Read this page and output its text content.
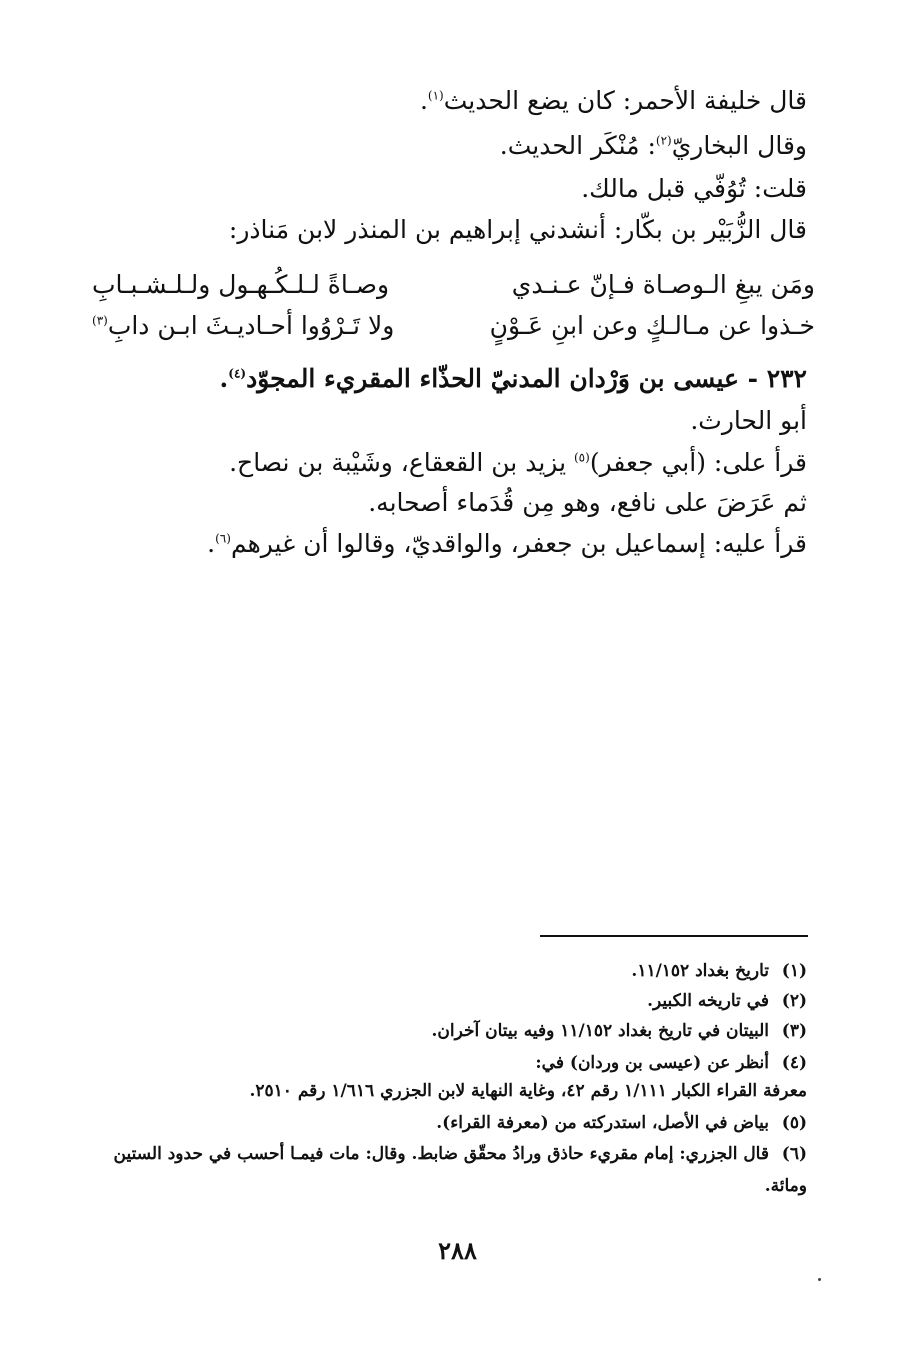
قال خليفة الأحمر: كان يضع الحديث$^{(١)}$.
وقال البخاريّ$^{(٢)}$: مُنْكَر الحديث.
قلت: تُوُفّي قبل مالك.
قال الزُّبَيْر بن بكّار: أنشدني إبراهيم بن المنذر لابن مَناذر:
ومَن يبغِ الـوصـاة فـإنّ عـنـدي
وصـاةً لـلـكُـهـول ولـلـشـبـابِ
خـذوا عن مـالـكٍ وعن ابنِ عَـوْنٍ
ولا تَـرْوُوا أحـاديـثَ ابـن دابِ$^{(٣)}$
٢٣٢ - عيسى بن وَرْدان المدنيّ الحذّاء المقريء المجوّد$^{(٤)}$.
أبو الحارث.
قرأ على: (أبي جعفر)$^{(٥)}$ يزيد بن القعقاع، وشَيْبة بن نصاح.
ثم عَرَضَ على نافع، وهو مِن قُدَماء أصحابه.
قرأ عليه: إسماعيل بن جعفر، والواقديّ، وقالوا أن غيرهم$^{(٦)}$.
(١)تاريخ بغداد ١١/١٥٢.
(٢)في تاريخه الكبير.
(٣)البيتان في تاريخ بغداد ١١/١٥٢ وفيه بيتان آخران.
(٤)أنظر عن (عيسى بن وردان) في:
معرفة القراء الكبار ١/١١١ رقم ٤٢، وغاية النهاية لابن الجزري ١/٦١٦ رقم ٢٥١٠.
(٥)بياض في الأصل، استدركته من (معرفة القراء).
(٦)قال الجزري: إمام مقريء حاذق ورادُ محقّق ضابط. وقال: مات فيمـا أحسب في حدود الستين
ومائة.
٢٨٨
